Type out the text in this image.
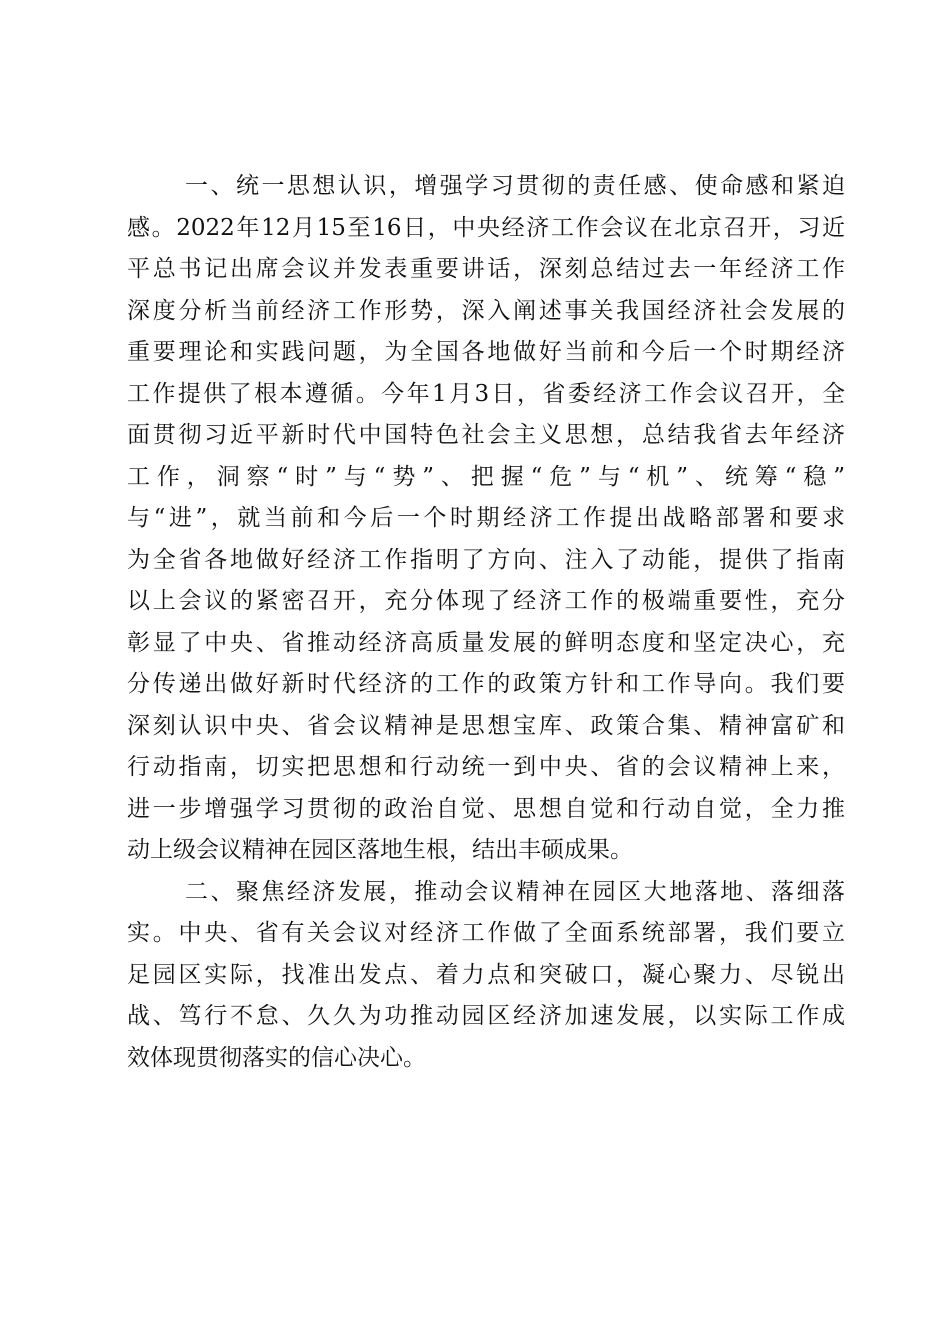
一、统一思想认识，增强学习贯彻的责任感、使命感和紧迫
感。2022年12月15至16日，中央经济工作会议在北京召开，习近
平总书记出席会议并发表重要讲话，深刻总结过去一年经济工作
深度分析当前经济工作形势，深入阐述事关我国经济社会发展的
重要理论和实践问题，为全国各地做好当前和今后一个时期经济
工作提供了根本遵循。今年1月3日，省委经济工作会议召开，全
面贯彻习近平新时代中国特色社会主义思想，总结我省去年经济
工作，洞察“时”与“势”、把握“危”与“机”、统筹“稳”
与“进”，就当前和今后一个时期经济工作提出战略部署和要求
为全省各地做好经济工作指明了方向、注入了动能，提供了指南
以上会议的紧密召开，充分体现了经济工作的极端重要性，充分
彰显了中央、省推动经济高质量发展的鲜明态度和坚定决心，充
分传递出做好新时代经济的工作的政策方针和工作导向。我们要
深刻认识中央、省会议精神是思想宝库、政策合集、精神富矿和
行动指南，切实把思想和行动统一到中央、省的会议精神上来，
进一步增强学习贯彻的政治自觉、思想自觉和行动自觉，全力推
动上级会议精神在园区落地生根，结出丰硕成果。
二、聚焦经济发展，推动会议精神在园区大地落地、落细落
实。中央、省有关会议对经济工作做了全面系统部署，我们要立
足园区实际，找准出发点、着力点和突破口，凝心聚力、尽锐出
战、笃行不怠、久久为功推动园区经济加速发展，以实际工作成
效体现贯彻落实的信心决心。
